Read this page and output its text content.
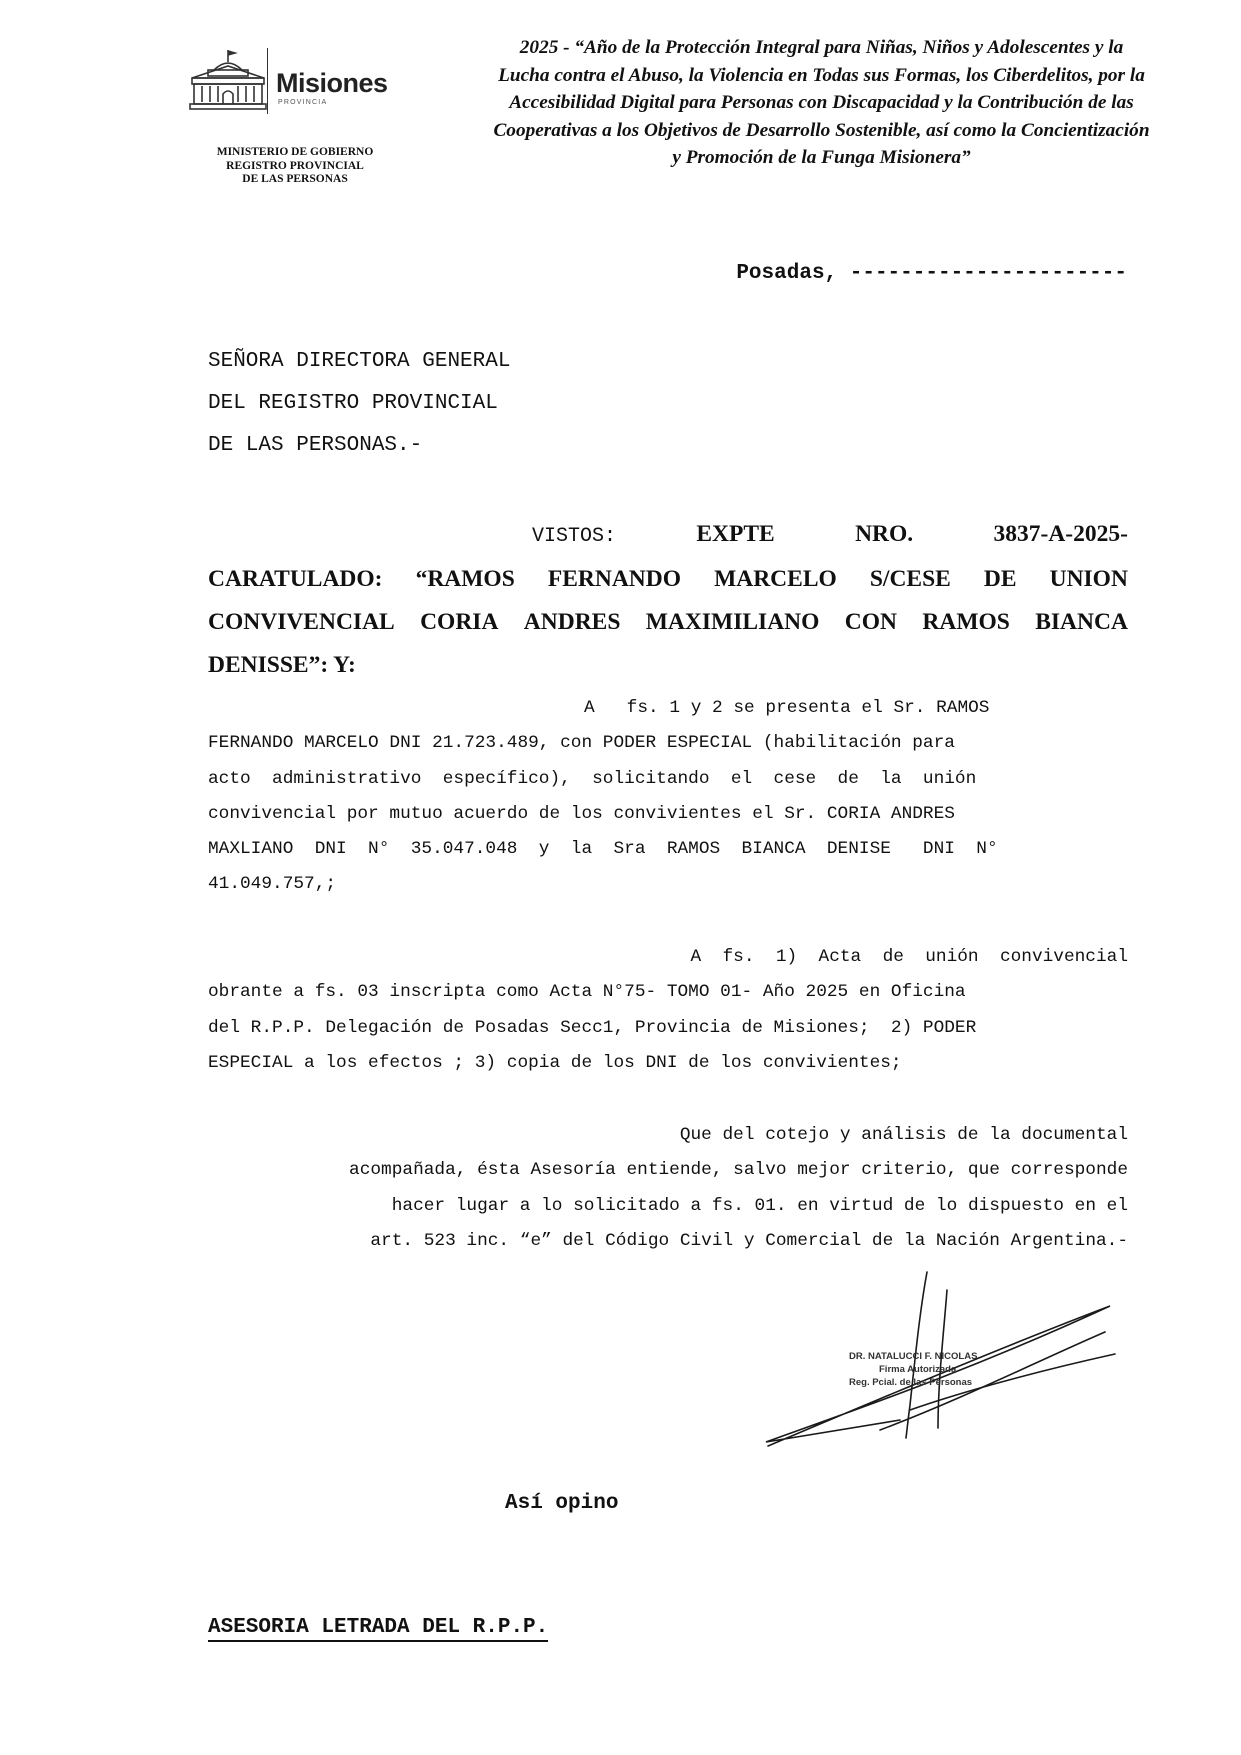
Misiones
PROVINCIA
MINISTERIO DE GOBIERNO
REGISTRO PROVINCIAL
DE LAS PERSONAS
2025 - “Año de la Protección Integral para Niñas, Niños y Adolescentes y la
Lucha contra el Abuso, la Violencia en Todas sus Formas, los Ciberdelitos, por la
Accesibilidad Digital para Personas con Discapacidad y la Contribución de las
Cooperativas a los Objetivos de Desarrollo Sostenible, así como la Concientización
y Promoción de la Funga Misionera”
Posadas, ----------------------
SEÑORA DIRECTORA GENERAL
DEL REGISTRO PROVINCIAL
DE LAS PERSONAS.-
VISTOS:	EXPTE	NRO.	3837-A-2025-
CARATULADO: “RAMOS FERNANDO MARCELO S/CESE DE UNION
CONVIVENCIAL CORIA ANDRES MAXIMILIANO CON RAMOS BIANCA
DENISSE”: Y:
A   fs. 1 y 2 se presenta el Sr. RAMOS
FERNANDO MARCELO DNI 21.723.489, con PODER ESPECIAL (habilitación para
acto  administrativo  específico),  solicitando  el  cese  de  la  unión
convivencial por mutuo acuerdo de los convivientes el Sr. CORIA ANDRES
MAXLIANO  DNI  N°  35.047.048  y  la  Sra  RAMOS  BIANCA  DENISE   DNI  N°
41.049.757,;
A  fs.  1)  Acta  de  unión  convivencial
obrante a fs. 03 inscripta como Acta N°75- TOMO 01- Año 2025 en Oficina
del R.P.P. Delegación de Posadas Secc1, Provincia de Misiones;  2) PODER
ESPECIAL a los efectos ; 3) copia de los DNI de los convivientes;
Que del cotejo y análisis de la documental
acompañada, ésta Asesoría entiende, salvo mejor criterio, que corresponde
hacer lugar a lo solicitado a fs. 01. en virtud de lo dispuesto en el
art. 523 inc. “e” del Código Civil y Comercial de la Nación Argentina.-
DR. NATALUCCI F. NICOLAS
Firma Autorizada
Reg. Pcial. de las Personas
Así opino
ASESORIA LETRADA DEL R.P.P.
